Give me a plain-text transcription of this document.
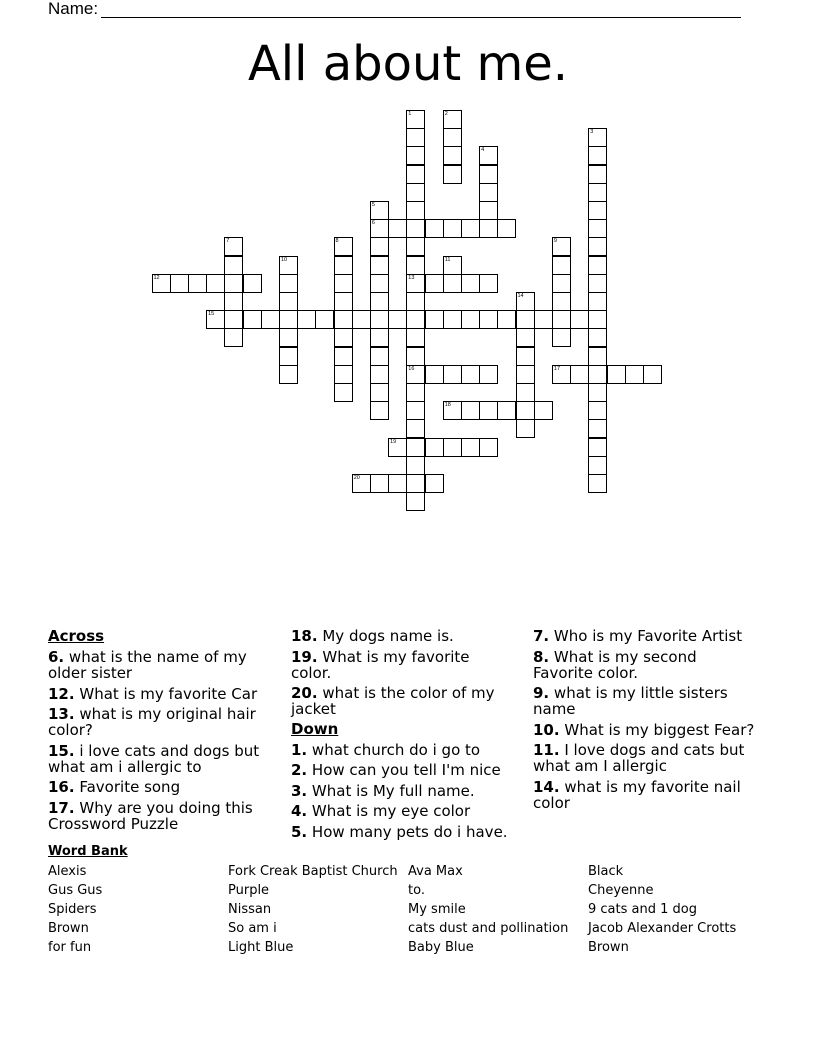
Name:
All about me.
1
13
16
2
3
4
5
6
7	8	9
10	11
12
14
15
17
18
19
20
Across
6. what is the name of my older sister
12. What is my favorite Car
13. what is my original hair color?
15. i love cats and dogs but what am i allergic to
16. Favorite song
17. Why are you doing this Crossword Puzzle
18. My dogs name is.
19. What is my favorite color.
20. what is the color of my jacket
Down
1. what church do i go to
2. How can you tell I'm nice
3. What is My full name.
4. What is my eye color
5. How many pets do i have.
7. Who is my Favorite Artist
8. What is my second Favorite color.
9. what is my little sisters name
10. What is my biggest Fear?
11. I love dogs and cats but what am I allergic
14. what is my favorite nail color
Word Bank
Alexis
Gus Gus
Spiders
Brown
for fun
Fork Creak Baptist Church
Purple
Nissan
So am i
Light Blue
Ava Max
to.
My smile
cats dust and pollination
Baby Blue
Black
Cheyenne
9 cats and 1 dog
Jacob Alexander Crotts
Brown
